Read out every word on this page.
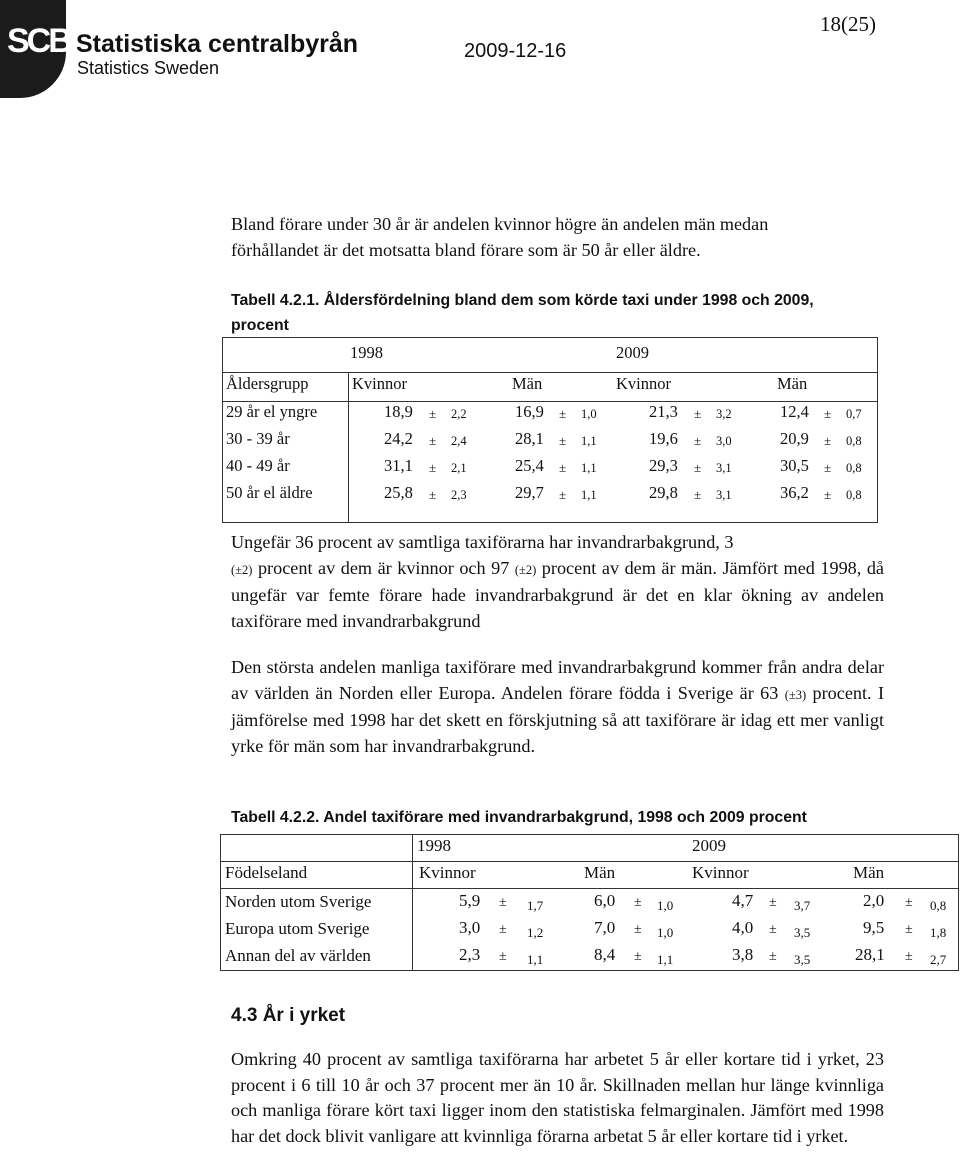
SCB Statistiska centralbyrån
Statistics Sweden
2009-12-16
18(25)
Bland förare under 30 år är andelen kvinnor högre än andelen män medan
förhållandet är det motsatta bland förare som är 50 år eller äldre.
Tabell 4.2.1. Åldersfördelning bland dem som körde taxi under 1998 och 2009,
procent
1998	2009
Åldersgrupp	Kvinnor	Män	Kvinnor	Män
29 år el yngre	18,9 ± 2,2	16,9 ± 1,0	21,3 ± 3,2	12,4 ± 0,7
30 - 39 år	24,2 ± 2,4	28,1 ± 1,1	19,6 ± 3,0	20,9 ± 0,8
40 - 49 år	31,1 ± 2,1	25,4 ± 1,1	29,3 ± 3,1	30,5 ± 0,8
50 år el äldre	25,8 ± 2,3	29,7 ± 1,1	29,8 ± 3,1	36,2 ± 0,8
Ungefär 36 procent av samtliga taxiförarna har invandrarbakgrund, 3
(±2) procent av dem är kvinnor och 97 (±2) procent av dem är män. Jämfört med 1998, då ungefär var femte förare hade invandrarbakgrund är det en klar ökning av andelen taxiförare med invandrarbakgrund
Den största andelen manliga taxiförare med invandrarbakgrund kommer från andra delar av världen än Norden eller Europa. Andelen förare födda i Sverige är 63 (±3) procent. I jämförelse med 1998 har det skett en förskjutning så att taxiförare är idag ett mer vanligt yrke för män som har invandrarbakgrund.
Tabell 4.2.2. Andel taxiförare med invandrarbakgrund, 1998 och 2009 procent
1998	2009
Födelseland	Kvinnor	Män	Kvinnor	Män
Norden utom Sverige	5,9 ± 1,7	6,0 ± 1,0	4,7 ± 3,7	2,0 ± 0,8
Europa utom Sverige	3,0 ± 1,2	7,0 ± 1,0	4,0 ± 3,5	9,5 ± 1,8
Annan del av världen	2,3 ± 1,1	8,4 ± 1,1	3,8 ± 3,5	28,1 ± 2,7
4.3 År i yrket
Omkring 40 procent av samtliga taxiförarna har arbetet 5 år eller kortare tid i yrket, 23 procent i 6 till 10 år och 37 procent mer än 10 år. Skillnaden mellan hur länge kvinnliga och manliga förare kört taxi ligger inom den statistiska felmarginalen. Jämfört med 1998 har det dock blivit vanligare att kvinnliga förarna arbetat 5 år eller kortare tid i yrket.
